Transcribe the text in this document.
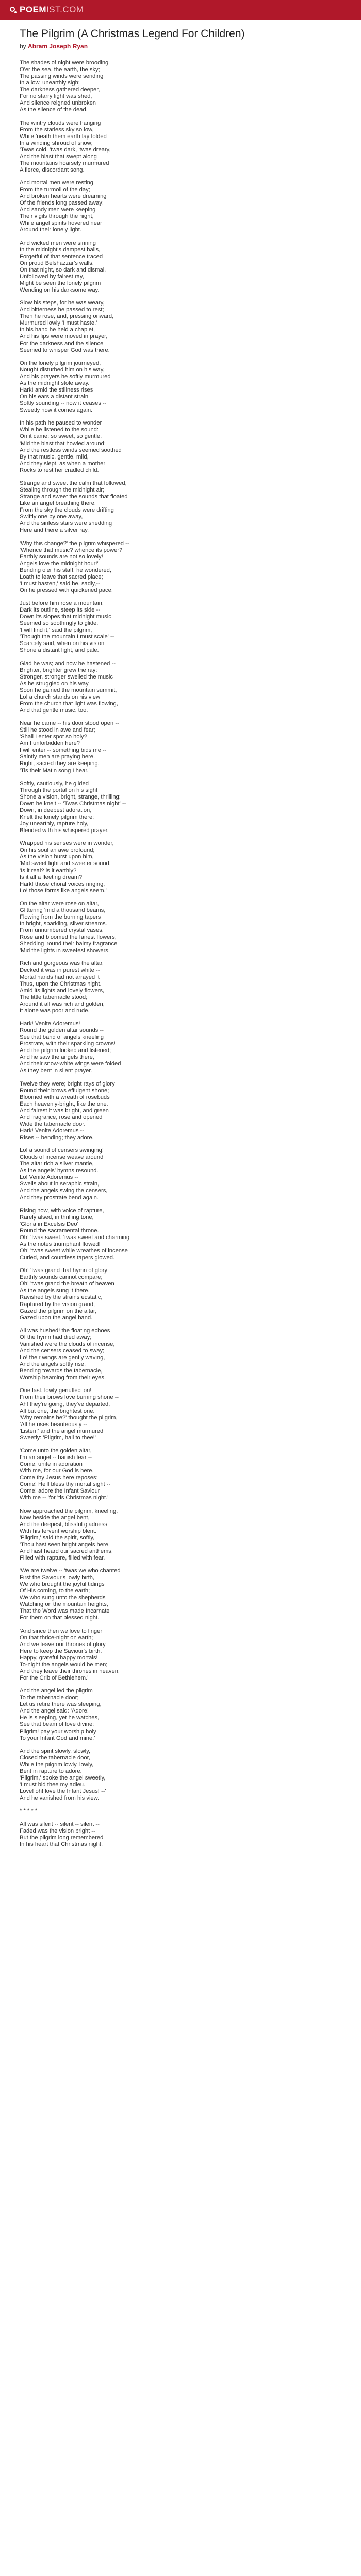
POEM IST.COM
The Pilgrim (A Christmas Legend For Children)
by Abram Joseph Ryan
The shades of night were brooding
O'er the sea, the earth, the sky;
The passing winds were sending
In a low, unearthly sigh;
The darkness gathered deeper,
For no starry light was shed,
And silence reigned unbroken
As the silence of the dead.
The wintry clouds were hanging
From the starless sky so low,
While 'neath them earth lay folded
In a winding shroud of snow;
'Twas cold, 'twas dark, 'twas dreary,
And the blast that swept along
The mountains hoarsely murmured
A fierce, discordant song.
And mortal men were resting
From the turmoil of the day;
And broken hearts were dreaming
Of the friends long passed away;
And sandy men were keeping
Their vigils through the night,
While angel spirits hovered near
Around their lonely light.
And wicked men were sinning
In the midnight's dampest halls,
Forgetful of that sentence traced
On proud Belshazzar's walls.
On that night, so dark and dismal,
Unfollowed by fairest ray,
Might be seen the lonely pilgrim
Wending on his darksome way.
Slow his steps, for he was weary,
And bitterness he passed to rest;
Then he rose, and, pressing onward,
Murmured lowly 'I must haste.'
In his hand he held a chaplet,
And his lips were moved in prayer,
For the darkness and the silence
Seemed to whisper God was there.
On the lonely pilgrim journeyed,
Nought disturbed him on his way,
And his prayers he softly murmured
As the midnight stole away.
Hark! amid the stillness rises
On his ears a distant strain
Softly sounding -- now it ceases --
Sweetly now it comes again.
In his path he paused to wonder
While he listened to the sound:
On it came; so sweet, so gentle,
'Mid the blast that howled around;
And the restless winds seemed soothed
By that music, gentle, mild,
And they slept, as when a mother
Rocks to rest her cradled child.
Strange and sweet the calm that followed,
Stealing through the midnight air;
Strange and sweet the sounds that floated
Like an angel breathing there.
From the sky the clouds were drifting
Swiftly one by one away,
And the sinless stars were shedding
Here and there a silver ray.
'Why this change?' the pilgrim whispered --
'Whence that music? whence its power?
Earthly sounds are not so lovely!
Angels love the midnight hour!'
Bending o'er his staff, he wondered,
Loath to leave that sacred place;
'I must hasten,' said he, sadly,--
On he pressed with quickened pace.
Just before him rose a mountain,
Dark its outline, steep its side --
Down its slopes that midnight music
Seemed so soothingly to glide.
'I will find it,' said the pilgrim,
'Though the mountain I must scale' --
Scarcely said, when on his vision
Shone a distant light, and pale.
Glad he was; and now he hastened --
Brighter, brighter grew the ray:
Stronger, stronger swelled the music
As he struggled on his way.
Soon he gained the mountain summit,
Lo! a church stands on his view
From the church that light was flowing,
And that gentle music, too.
Near he came -- his door stood open --
Still he stood in awe and fear;
'Shall I enter spot so holy?
Am I unforbidden here?
I will enter -- something bids me --
Saintly men are praying here.
Right, sacred they are keeping,
'Tis their Matin song I hear.'
Softly, cautiously, he glided
Through the portal on his sight
Shone a vision, bright, strange, thrilling:
Down he knelt -- 'Twas Christmas night' --
Down, in deepest adoration,
Knelt the lonely pilgrim there;
Joy unearthly, rapture holy,
Blended with his whispered prayer.
Wrapped his senses were in wonder,
On his soul an awe profound;
As the vision burst upon him,
'Mid sweet light and sweeter sound.
'Is it real? is it earthly?
Is it all a fleeting dream?
Hark! those choral voices ringing,
Lo! those forms like angels seem.'
On the altar were rose on altar,
Glittering 'mid a thousand beams,
Flowing from the burning tapers
In bright, sparkling, silver streams.
From unnumbered crystal vases,
Rose and bloomed the fairest flowers,
Shedding 'round their balmy fragrance
'Mid the lights in sweetest showers.
Rich and gorgeous was the altar,
Decked it was in purest white --
Mortal hands had not arrayed it
Thus, upon the Christmas night.
Amid its lights and lovely flowers,
The little tabernacle stood;
Around it all was rich and golden,
It alone was poor and rude.
Hark! Venite Adoremus!
Round the golden altar sounds --
See that band of angels kneeling
Prostrate, with their sparkling crowns!
And the pilgrim looked and listened;
And he saw the angels there,
And their snow-white wings were folded
As they bent in silent prayer.
Twelve they were; bright rays of glory
Round their brows effulgent shone;
Bloomed with a wreath of rosebuds
Each heavenly-bright, like the one.
And fairest it was bright, and green
And fragrance, rose and opened
Wide the tabernacle door.
Hark! Venite Adoremus --
Rises -- bending; they adore.
Lo! a sound of censers swinging!
Clouds of incense weave around
The altar rich a silver mantle,
As the angels' hymns resound.
Lo! Venite Adoremus --
Swells about in seraphic strain,
And the angels swing the censers,
And they prostrate bend again.
Rising now, with voice of rapture,
Rarely alsed, in thrilling tone,
'Gloria in Excelsis Deo'
Round the sacramental throne.
Oh! 'twas sweet, 'twas sweet and charming
As the notes triumphant flowed!
Oh! 'twas sweet while wreathes of incense
Curled, and countless tapers glowed.
Oh! 'twas grand that hymn of glory
Earthly sounds cannot compare;
Oh! 'twas grand the breath of heaven
As the angels sung it there.
Ravished by the strains ecstatic,
Raptured by the vision grand,
Gazed the pilgrim on the altar,
Gazed upon the angel band.
All was hushed! the floating echoes
Of the hymn had died away;
Vanished were the clouds of incense,
And the censers ceased to sway;
Lo! their wings are gently waving,
And the angels softly rise,
Bending towards the tabernacle,
Worship beaming from their eyes.
One last, lowly genuflection!
From their brows love burning shone --
Ah! they're going, they've departed,
All but one, the brightest one.
'Why remains he?' thought the pilgrim,
'All he rises beauteously --
'Listen!' and the angel murmured
Sweetly: 'Pilgrim, hail to thee!'
'Come unto the golden altar,
I'm an angel -- banish fear --
Come, unite in adoration
With me, for our God is here.
Come thy Jesus here reposes;
Come! He'll bless thy mortal sight --
Come! adore the Infant Saviour
With me -- 'for 'tis Christmas night.'
Now approached the pilgrim, kneeling,
Now beside the angel bent,
And the deepest, blissful gladness
With his fervent worship blent.
'Pilgrim,' said the spirit, softly,
'Thou hast seen bright angels here,
And hast heard our sacred anthems,
Filled with rapture, filled with fear.
'We are twelve -- 'twas we who chanted
First the Saviour's lowly birth,
We who brought the joyful tidings
Of His coming, to the earth;
We who sung unto the shepherds
Watching on the mountain heights,
That the Word was made Incarnate
For them on that blessed night.
'And since then we love to linger
On that thrice-night on earth;
And we leave our thrones of glory
Here to keep the Saviour's birth.
Happy, grateful happy mortals!
To-night the angels would be men;
And they leave their thrones in heaven,
For the Crib of Bethlehem.'
And the angel led the pilgrim
To the tabernacle door;
Let us retire there was sleeping,
And the angel said: 'Adore!
He is sleeping, yet he watches,
See that beam of love divine;
Pilgrim! pay your worship holy
To your Infant God and mine.'
And the spirit slowly, slowly,
Closed the tabernacle door,
While the pilgrim lowly, lowly,
Bent in rapture to adore.
'Pilgrim,' spoke the angel sweetly,
'I must bid thee my adieu.
Love! oh! love the Infant Jesus! --'
And he vanished from his view.
* * * * *
All was silent -- silent -- silent --
Faded was the vision bright --
But the pilgrim long remembered
In his heart that Christmas night.
